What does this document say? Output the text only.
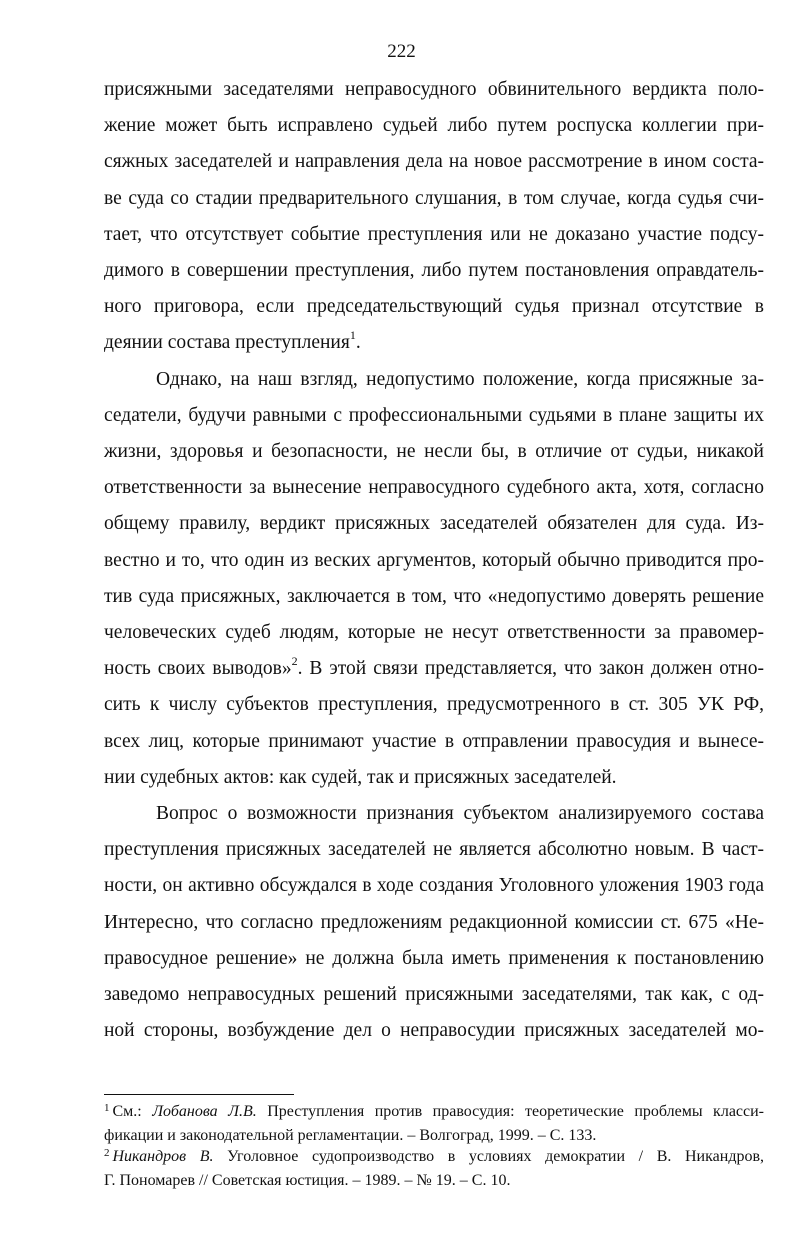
222
присяжными заседателями неправосудного обвинительного вердикта поло-
жение может быть исправлено судьей либо путем роспуска коллегии при-
сяжных заседателей и направления дела на новое рассмотрение в ином соста-
ве суда со стадии предварительного слушания, в том случае, когда судья счи-
тает, что отсутствует событие преступления или не доказано участие подсу-
димого в совершении преступления, либо путем постановления оправдатель-
ного приговора, если председательствующий судья признал отсутствие в
деянии состава преступления$^1$.
Однако, на наш взгляд, недопустимо положение, когда присяжные за-
седатели, будучи равными с профессиональными судьями в плане защиты их
жизни, здоровья и безопасности, не несли бы, в отличие от судьи, никакой
ответственности за вынесение неправосудного судебного акта, хотя, согласно
общему правилу, вердикт присяжных заседателей обязателен для суда. Из-
вестно и то, что один из веских аргументов, который обычно приводится про-
тив суда присяжных, заключается в том, что «недопустимо доверять решение
человеческих судеб людям, которые не несут ответственности за правомер-
ность своих выводов»$^2$. В этой связи представляется, что закон должен отно-
сить к числу субъектов преступления, предусмотренного в ст. 305 УК РФ,
всех лиц, которые принимают участие в отправлении правосудия и вынесе-
нии судебных актов: как судей, так и присяжных заседателей.
Вопрос о возможности признания субъектом анализируемого состава
преступления присяжных заседателей не является абсолютно новым. В част-
ности, он активно обсуждался в ходе создания Уголовного уложения 1903 года
Интересно, что согласно предложениям редакционной комиссии ст. 675 «Не-
правосудное решение» не должна была иметь применения к постановлению
заведомо неправосудных решений присяжными заседателями, так как, с од-
ной стороны, возбуждение дел о неправосудии присяжных заседателей мо-
$^1$ См.: Лобанова Л.В. Преступления против правосудия: теоретические проблемы класси-
фикации и законодательной регламентации. – Волгоград, 1999. – С. 133.
$^2$ Никандров В. Уголовное судопроизводство в условиях демократии / В. Никандров,
Г. Пономарев // Советская юстиция. – 1989. – № 19. – С. 10.
